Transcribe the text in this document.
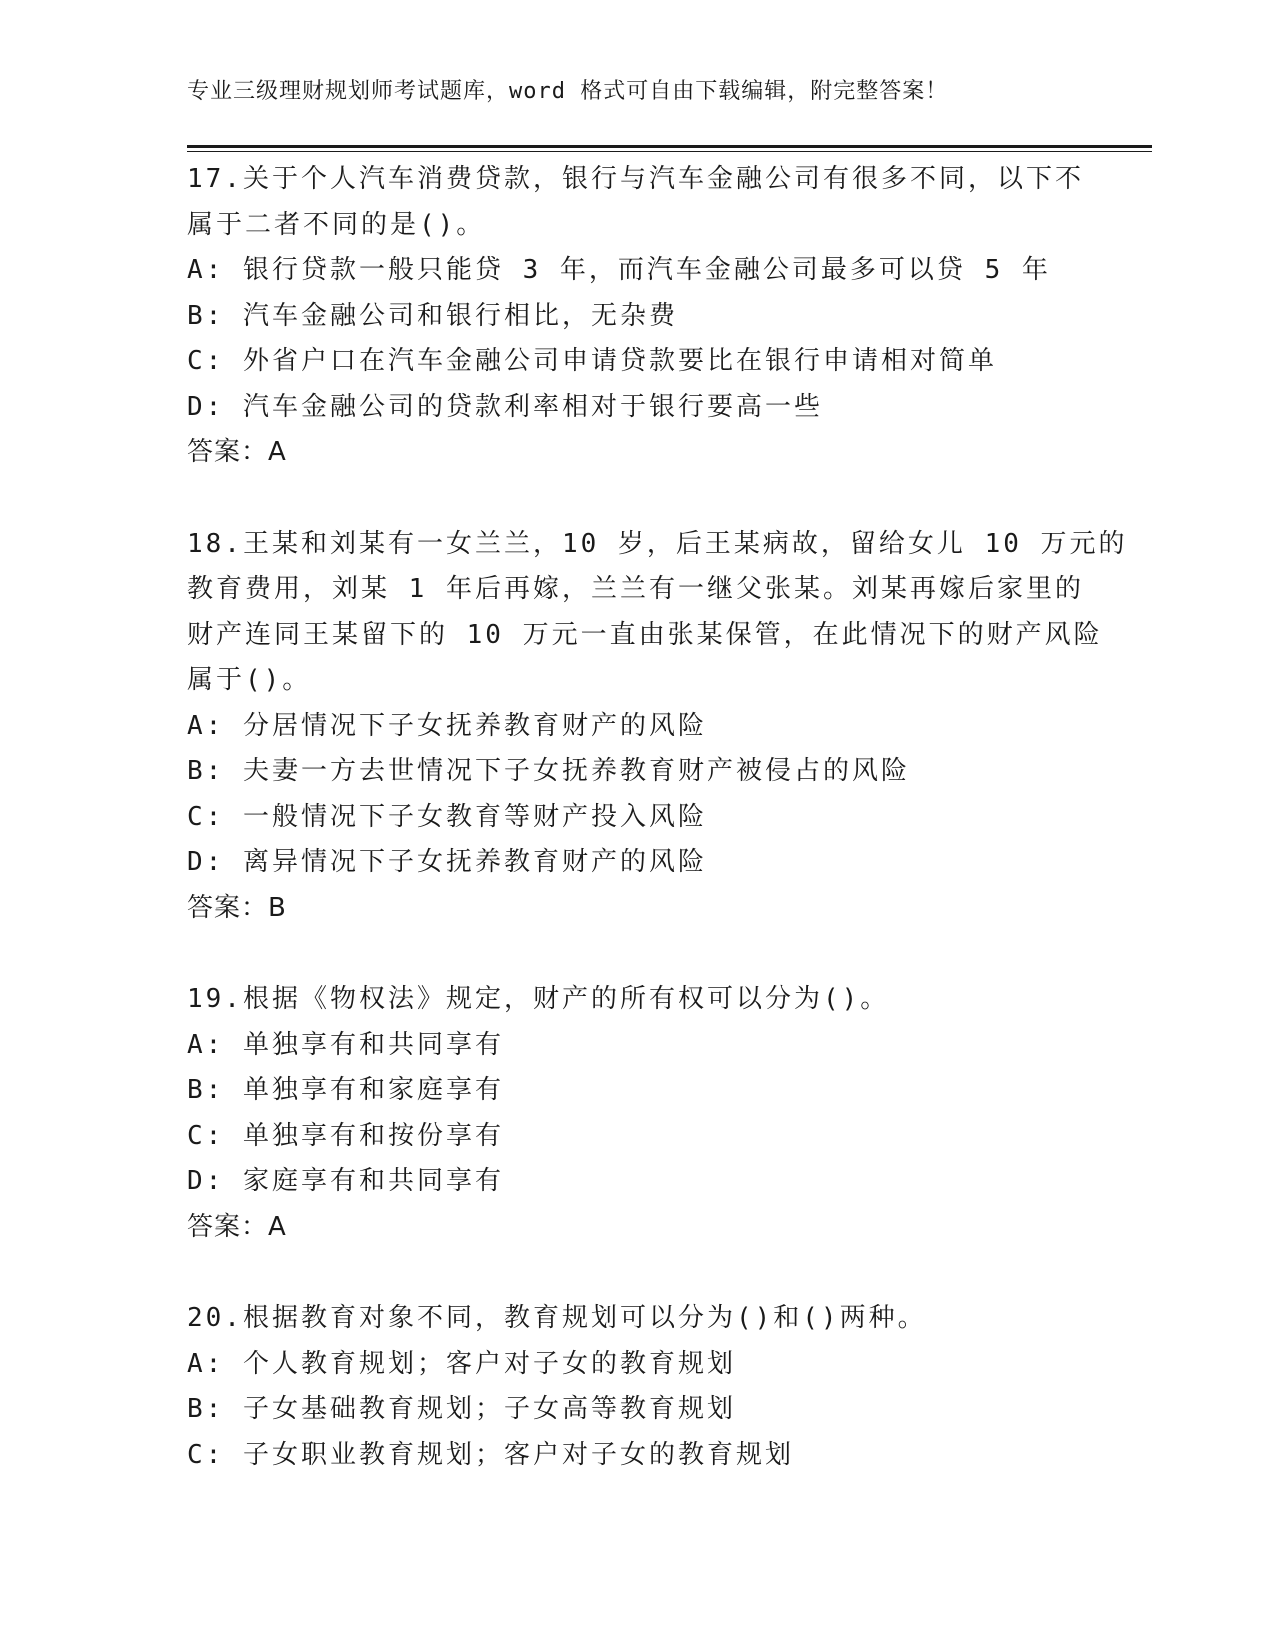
专业三级理财规划师考试题库，word 格式可自由下载编辑，附完整答案！
17.关于个人汽车消费贷款，银行与汽车金融公司有很多不同，以下不
属于二者不同的是()。
A: 银行贷款一般只能贷 3 年，而汽车金融公司最多可以贷 5 年
B: 汽车金融公司和银行相比，无杂费
C: 外省户口在汽车金融公司申请贷款要比在银行申请相对简单
D: 汽车金融公司的贷款利率相对于银行要高一些
答案：A
18.王某和刘某有一女兰兰，10 岁，后王某病故，留给女儿 10 万元的
教育费用，刘某 1 年后再嫁，兰兰有一继父张某。刘某再嫁后家里的
财产连同王某留下的 10 万元一直由张某保管，在此情况下的财产风险
属于()。
A: 分居情况下子女抚养教育财产的风险
B: 夫妻一方去世情况下子女抚养教育财产被侵占的风险
C: 一般情况下子女教育等财产投入风险
D: 离异情况下子女抚养教育财产的风险
答案：B
19.根据《物权法》规定，财产的所有权可以分为()。
A: 单独享有和共同享有
B: 单独享有和家庭享有
C: 单独享有和按份享有
D: 家庭享有和共同享有
答案：A
20.根据教育对象不同，教育规划可以分为()和()两种。
A: 个人教育规划；客户对子女的教育规划
B: 子女基础教育规划；子女高等教育规划
C: 子女职业教育规划；客户对子女的教育规划
